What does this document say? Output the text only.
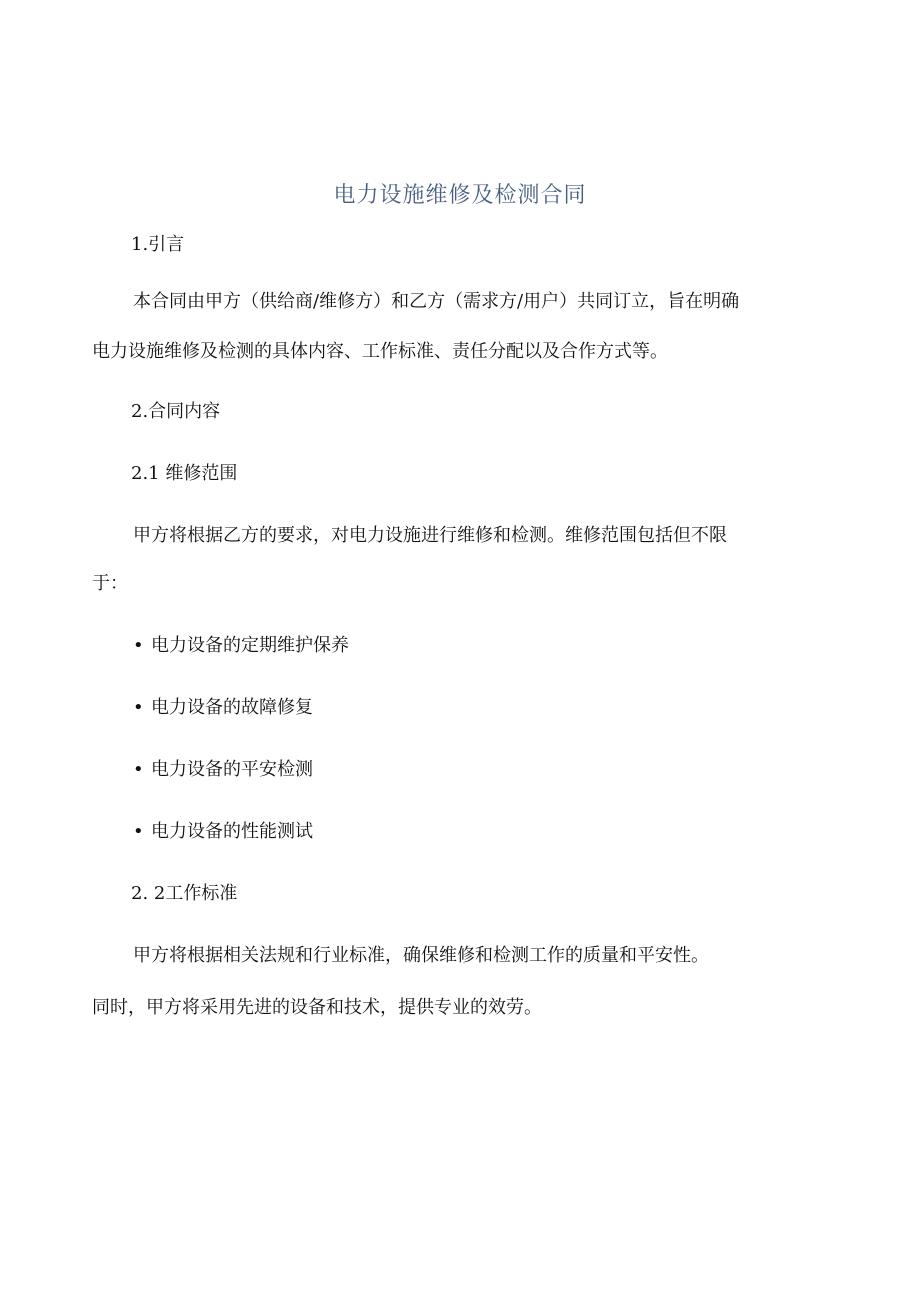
电力设施维修及检测合同
1.引言
本合同由甲方（供给商/维修方）和乙方（需求方/用户）共同订立，旨在明确
电力设施维修及检测的具体内容、工作标准、责任分配以及合作方式等。
2.合同内容
2.1 维修范围
甲方将根据乙方的要求，对电力设施进行维修和检测。维修范围包括但不限
于：
• 电力设备的定期维护保养
• 电力设备的故障修复
• 电力设备的平安检测
• 电力设备的性能测试
2. 2工作标准
甲方将根据相关法规和行业标准，确保维修和检测工作的质量和平安性。
同时，甲方将采用先进的设备和技术，提供专业的效劳。
